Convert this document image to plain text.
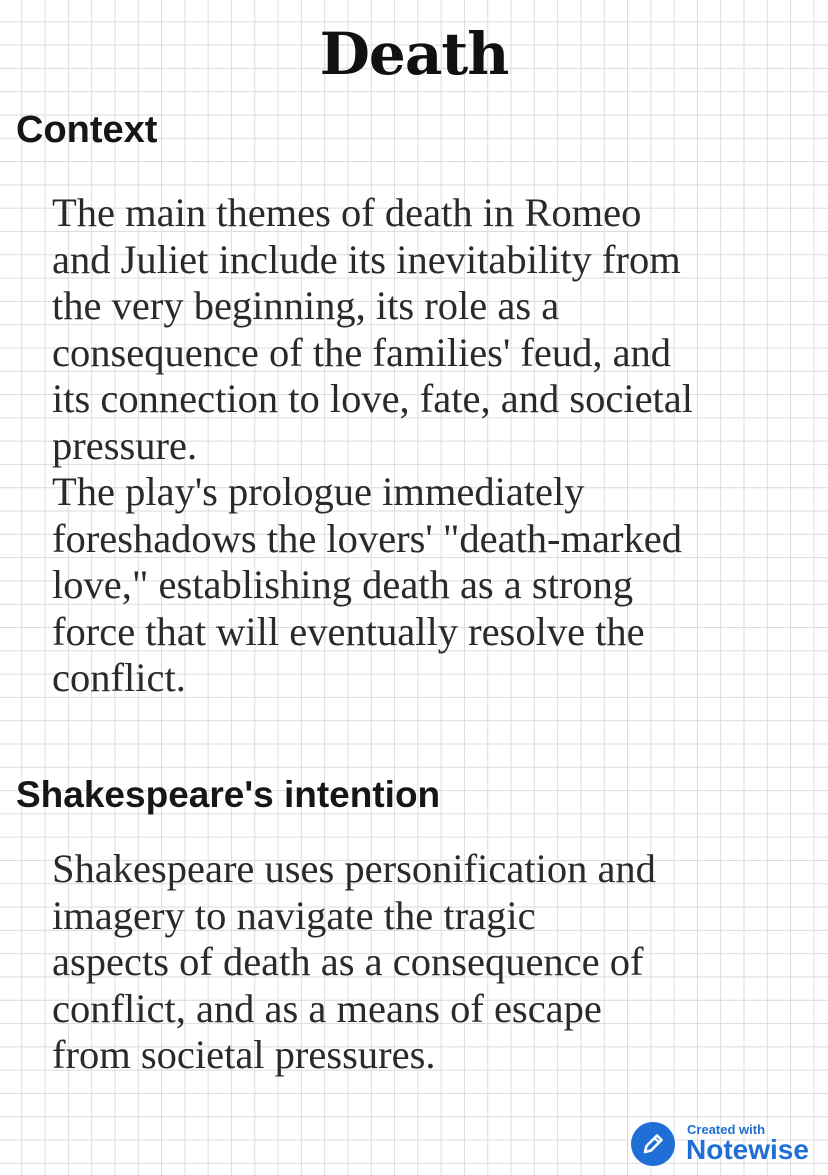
Death
Context
The main themes of death in Romeo
and Juliet include its inevitability from
the very beginning, its role as a
consequence of the families' feud, and
its connection to love, fate, and societal
pressure.
The play's prologue immediately
foreshadows the lovers' "death-marked
love," establishing death as a strong
force that will eventually resolve the
conflict.
Shakespeare's intention
Shakespeare uses personification and
imagery to navigate the tragic
aspects of death as a consequence of
conflict, and as a means of escape
from societal pressures.
Created with
Notewise
